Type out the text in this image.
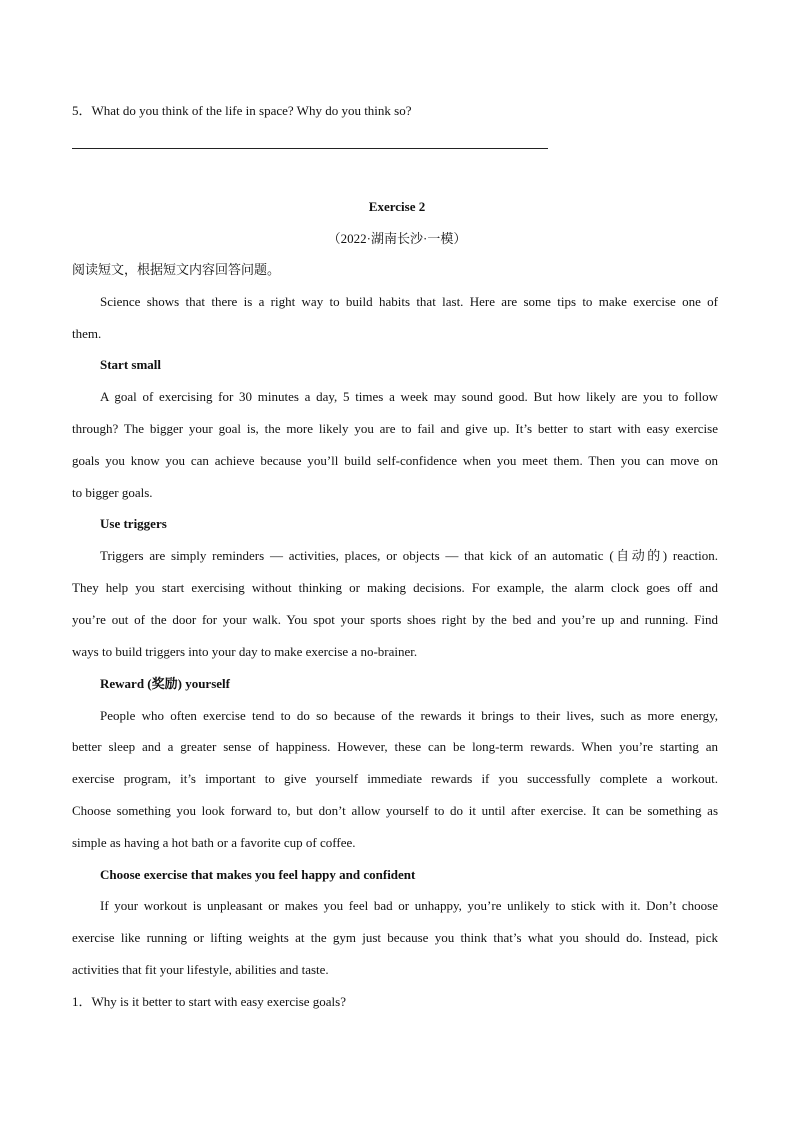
5．What do you think of the life in space? Why do you think so?
Exercise 2
（2022·湖南长沙·一模）
阅读短文，根据短文内容回答问题。
Science shows that there is a right way to build habits that last. Here are some tips to make exercise one of
them.
Start small
A goal of exercising for 30 minutes a day, 5 times a week may sound good. But how likely are you to follow
through? The bigger your goal is, the more likely you are to fail and give up. It’s better to start with easy exercise
goals you know you can achieve because you’ll build self-confidence when you meet them. Then you can move on
to bigger goals.
Use triggers
Triggers are simply reminders — activities, places, or objects — that kick of an automatic (自动的) reaction.
They help you start exercising without thinking or making decisions. For example, the alarm clock goes off and
you’re out of the door for your walk. You spot your sports shoes right by the bed and you’re up and running. Find
ways to build triggers into your day to make exercise a no-brainer.
Reward (奖励) yourself
People who often exercise tend to do so because of the rewards it brings to their lives, such as more energy,
better sleep and a greater sense of happiness. However, these can be long-term rewards. When you’re starting an
exercise program, it’s important to give yourself immediate rewards if you successfully complete a workout.
Choose something you look forward to, but don’t allow yourself to do it until after exercise. It can be something as
simple as having a hot bath or a favorite cup of coffee.
Choose exercise that makes you feel happy and confident
If your workout is unpleasant or makes you feel bad or unhappy, you’re unlikely to stick with it. Don’t choose
exercise like running or lifting weights at the gym just because you think that’s what you should do. Instead, pick
activities that fit your lifestyle, abilities and taste.
1．Why is it better to start with easy exercise goals?
